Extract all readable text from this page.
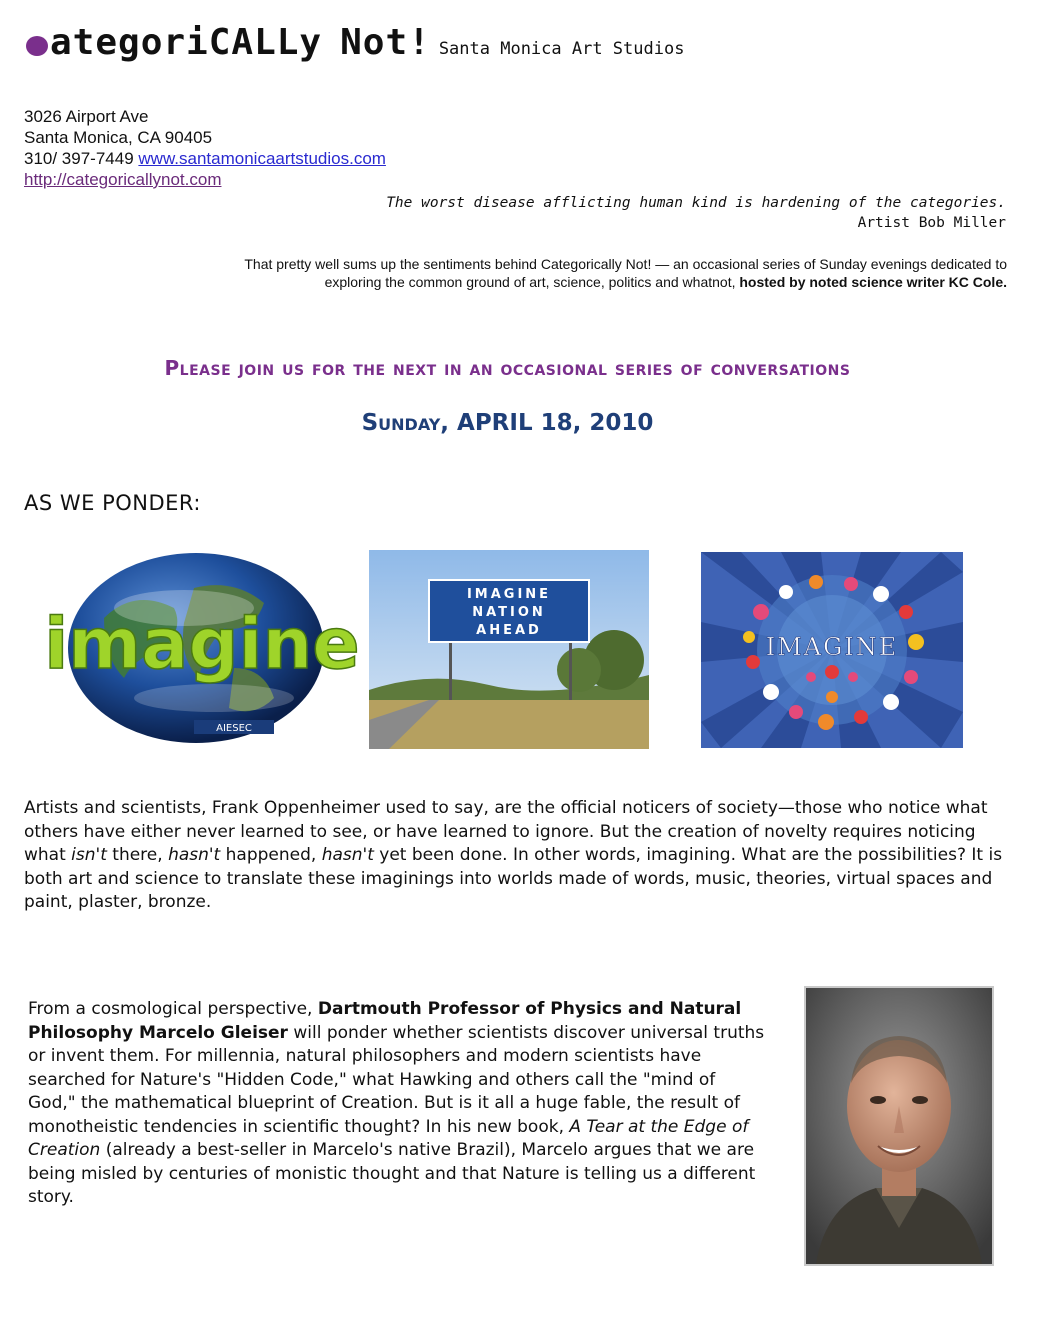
ategoriCALLy N ot! Santa Monica Art Studios
3026 Airport Ave
Santa Monica, CA 90405
310/ 397-7449 www.santamonicaartstudios.com
http://categoricallynot.com
The worst disease afflicting human kind is hardening of the categories.
Artist Bob Miller
That pretty well sums up the sentiments behind Categorically Not! — an occasional series of Sunday evenings dedicated to
exploring the common ground of art, science, politics and whatnot, hosted by noted science writer KC Cole.
Please join us for the next in an occasional series of conversations
Sunday, APRIL 18, 2010
AS WE PONDER:
imagine
AIESEC
IMAGINE
NATION
AHEAD
IMAGINE
Artists and scientists, Frank Oppenheimer used to say, are the official noticers of society—those who notice what others have either never learned to see, or have learned to ignore. But the creation of novelty requires noticing what isn't there, hasn't happened, hasn't yet been done. In other words, imagining. What are the possibilities? It is both art and science to translate these imaginings into worlds made of words, music, theories, virtual spaces and paint, plaster, bronze.
From a cosmological perspective, Dartmouth Professor of Physics and Natural Philosophy Marcelo Gleiser will ponder whether scientists discover universal truths or invent them. For millennia, natural philosophers and modern scientists have searched for Nature's "Hidden Code," what Hawking and others call the "mind of God," the mathematical blueprint of Creation. But is it all a huge fable, the result of monotheistic tendencies in scientific thought? In his new book, A Tear at the Edge of Creation (already a best-seller in Marcelo's native Brazil), Marcelo argues that we are being misled by centuries of monistic thought and that Nature is telling us a different story.
